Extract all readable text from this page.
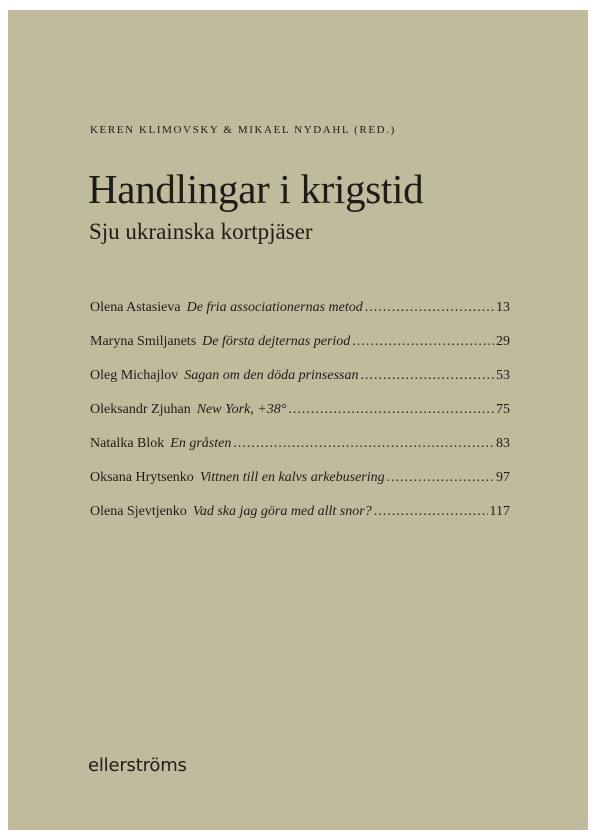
KEREN KLIMOVSKY & MIKAEL NYDAHL (RED.)
Handlingar i krigstid
Sju ukrainska kortpjäser
Olena Astasieva De fria associationernas metod .....	13
Maryna Smiljanets De första dejternas period .....	29
Oleg Michajlov Sagan om den döda prinsessan .....	53
Oleksandr Zjuhan New York, +38° .....	75
Natalka Blok En gråsten .....	83
Oksana Hrytsenko Vittnen till en kalvs arkebusering .....	97
Olena Sjevtjenko Vad ska jag göra med allt snor? .....	117
ellerströms
